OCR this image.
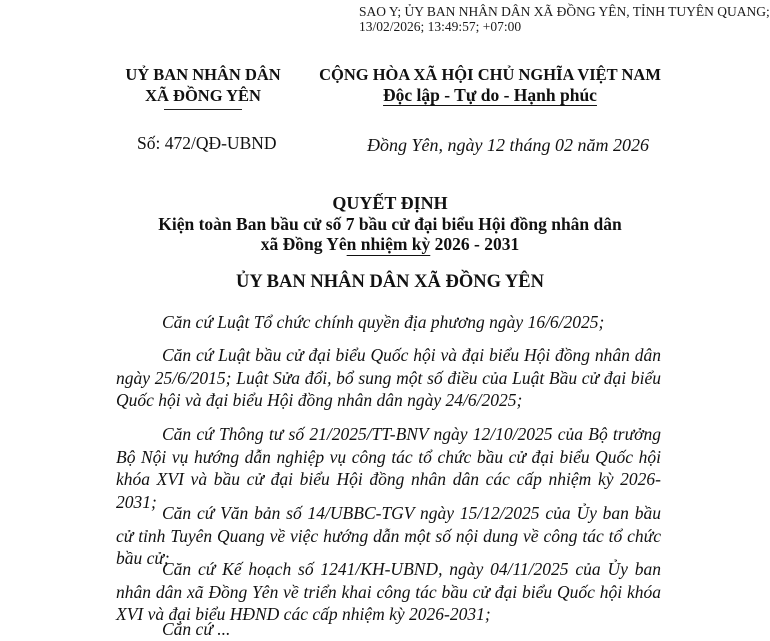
SAO Y; ỦY BAN NHÂN DÂN XÃ ĐỒNG YÊN, TỈNH TUYÊN QUANG;
13/02/2026; 13:49:57; +07:00
UỶ BAN NHÂN DÂN
XÃ ĐỒNG YÊN
CỘNG HÒA XÃ HỘI CHỦ NGHĨA VIỆT NAM
Độc lập - Tự do - Hạnh phúc
Số: 472/QĐ-UBND	Đồng Yên, ngày 12 tháng 02 năm 2026
QUYẾT ĐỊNH
Kiện toàn Ban bầu cử số 7 bầu cử đại biểu Hội đồng nhân dân
xã Đồng Yên nhiệm kỳ 2026 - 2031
ỦY BAN NHÂN DÂN XÃ ĐỒNG YÊN
Căn cứ Luật Tổ chức chính quyền địa phương ngày 16/6/2025;
Căn cứ Luật bầu cử đại biểu Quốc hội và đại biểu Hội đồng nhân dân ngày 25/6/2015; Luật Sửa đổi, bổ sung một số điều của Luật Bầu cử đại biểu Quốc hội và đại biểu Hội đồng nhân dân ngày 24/6/2025;
Căn cứ Thông tư số 21/2025/TT-BNV ngày 12/10/2025 của Bộ trưởng Bộ Nội vụ hướng dẫn nghiệp vụ công tác tổ chức bầu cử đại biểu Quốc hội khóa XVI và bầu cử đại biểu Hội đồng nhân dân các cấp nhiệm kỳ 2026-2031;
Căn cứ Văn bản số 14/UBBC-TGV ngày 15/12/2025 của Ủy ban bầu cử tỉnh Tuyên Quang về việc hướng dẫn một số nội dung về công tác tổ chức bầu cử;
Căn cứ Kế hoạch số 1241/KH-UBND, ngày 04/11/2025 của Ủy ban nhân dân xã Đồng Yên về triển khai công tác bầu cử đại biểu Quốc hội khóa XVI và đại biểu HĐND các cấp nhiệm kỳ 2026-2031;
Căn cứ ...
